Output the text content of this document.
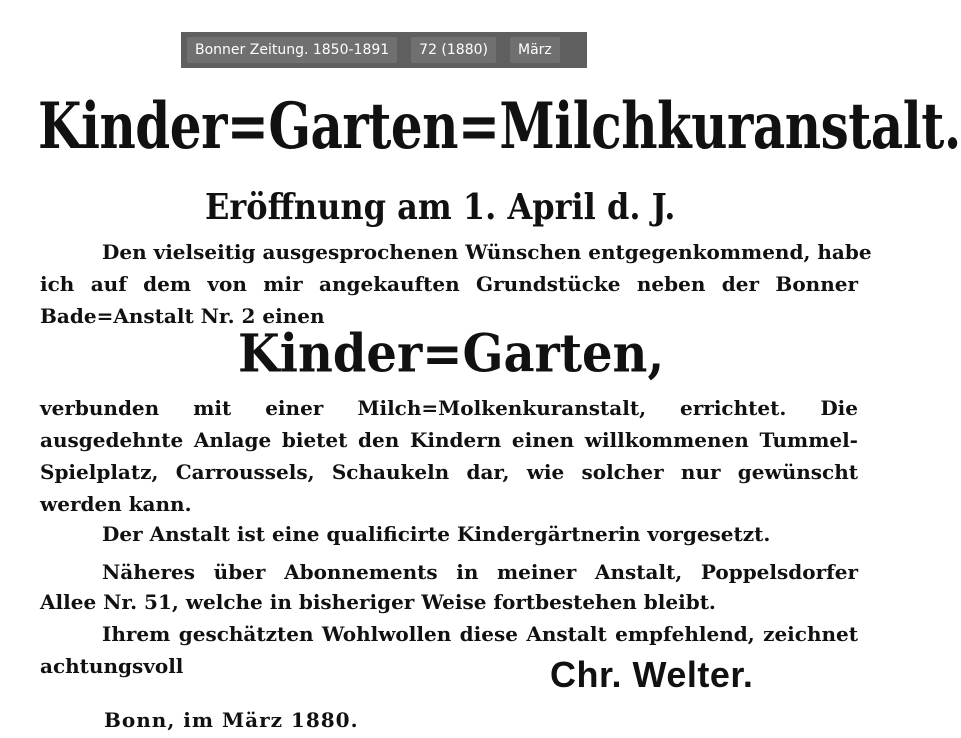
Bonner Zeitung. 1850-1891	72 (1880)	März
Kinder=Garten=Milchkuranstalt.
Eröffnung am 1. April d. J.
Den vielseitig ausgesprochenen Wünschen entgegenkommend, habe
ich auf dem von mir angekauften Grundstücke neben der Bonner
Bade=Anstalt Nr. 2 einen
Kinder=Garten,
verbunden mit einer Milch=Molkenkuranstalt, errichtet. Die
ausgedehnte Anlage bietet den Kindern einen willkommenen Tummel-
Spielplatz, Carroussels, Schaukeln dar, wie solcher nur gewünscht
werden kann.
Der Anstalt ist eine qualificirte Kindergärtnerin vorgesetzt.
Näheres über Abonnements in meiner Anstalt, Poppelsdorfer
Allee Nr. 51, welche in bisheriger Weise fortbestehen bleibt.
Ihrem geschätzten Wohlwollen diese Anstalt empfehlend, zeichnet
achtungsvoll	Chr. Welter.
Bonn, im März 1880.
